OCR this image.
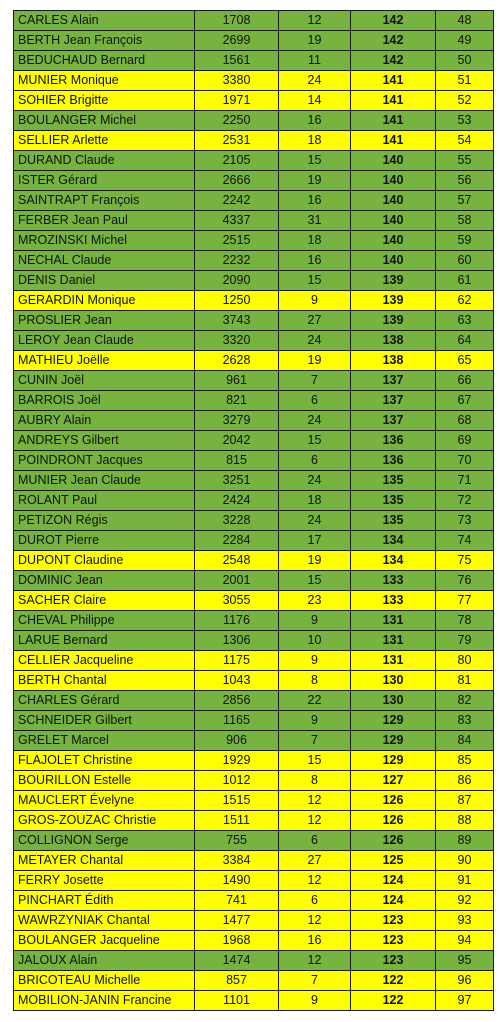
CARLES Alain	1708	12	142	48
BERTH Jean François	2699	19	142	49
BEDUCHAUD Bernard	1561	11	142	50
MUNIER Monique	3380	24	141	51
SOHIER Brigitte	1971	14	141	52
BOULANGER Michel	2250	16	141	53
SELLIER Arlette	2531	18	141	54
DURAND Claude	2105	15	140	55
ISTER Gérard	2666	19	140	56
SAINTRAPT François	2242	16	140	57
FERBER Jean Paul	4337	31	140	58
MROZINSKI Michel	2515	18	140	59
NECHAL Claude	2232	16	140	60
DENIS Daniel	2090	15	139	61
GERARDIN Monique	1250	9	139	62
PROSLIER Jean	3743	27	139	63
LEROY Jean Claude	3320	24	138	64
MATHIEU Joëlle	2628	19	138	65
CUNIN Joël	961	7	137	66
BARROIS Joël	821	6	137	67
AUBRY Alain	3279	24	137	68
ANDREYS Gilbert	2042	15	136	69
POINDRONT Jacques	815	6	136	70
MUNIER Jean Claude	3251	24	135	71
ROLANT Paul	2424	18	135	72
PETIZON Régis	3228	24	135	73
DUROT Pierre	2284	17	134	74
DUPONT Claudine	2548	19	134	75
DOMINIC Jean	2001	15	133	76
SACHER Claire	3055	23	133	77
CHEVAL Philippe	1176	9	131	78
LARUE Bernard	1306	10	131	79
CELLIER Jacqueline	1175	9	131	80
BERTH Chantal	1043	8	130	81
CHARLES Gérard	2856	22	130	82
SCHNEIDER Gilbert	1165	9	129	83
GRELET Marcel	906	7	129	84
FLAJOLET Christine	1929	15	129	85
BOURILLON Estelle	1012	8	127	86
MAUCLERT Évelyne	1515	12	126	87
GROS-ZOUZAC Christie	1511	12	126	88
COLLIGNON Serge	755	6	126	89
METAYER Chantal	3384	27	125	90
FERRY Josette	1490	12	124	91
PINCHART Édith	741	6	124	92
WAWRZYNIAK Chantal	1477	12	123	93
BOULANGER Jacqueline	1968	16	123	94
JALOUX Alain	1474	12	123	95
BRICOTEAU Michelle	857	7	122	96
MOBILION-JANIN Francine	1101	9	122	97
